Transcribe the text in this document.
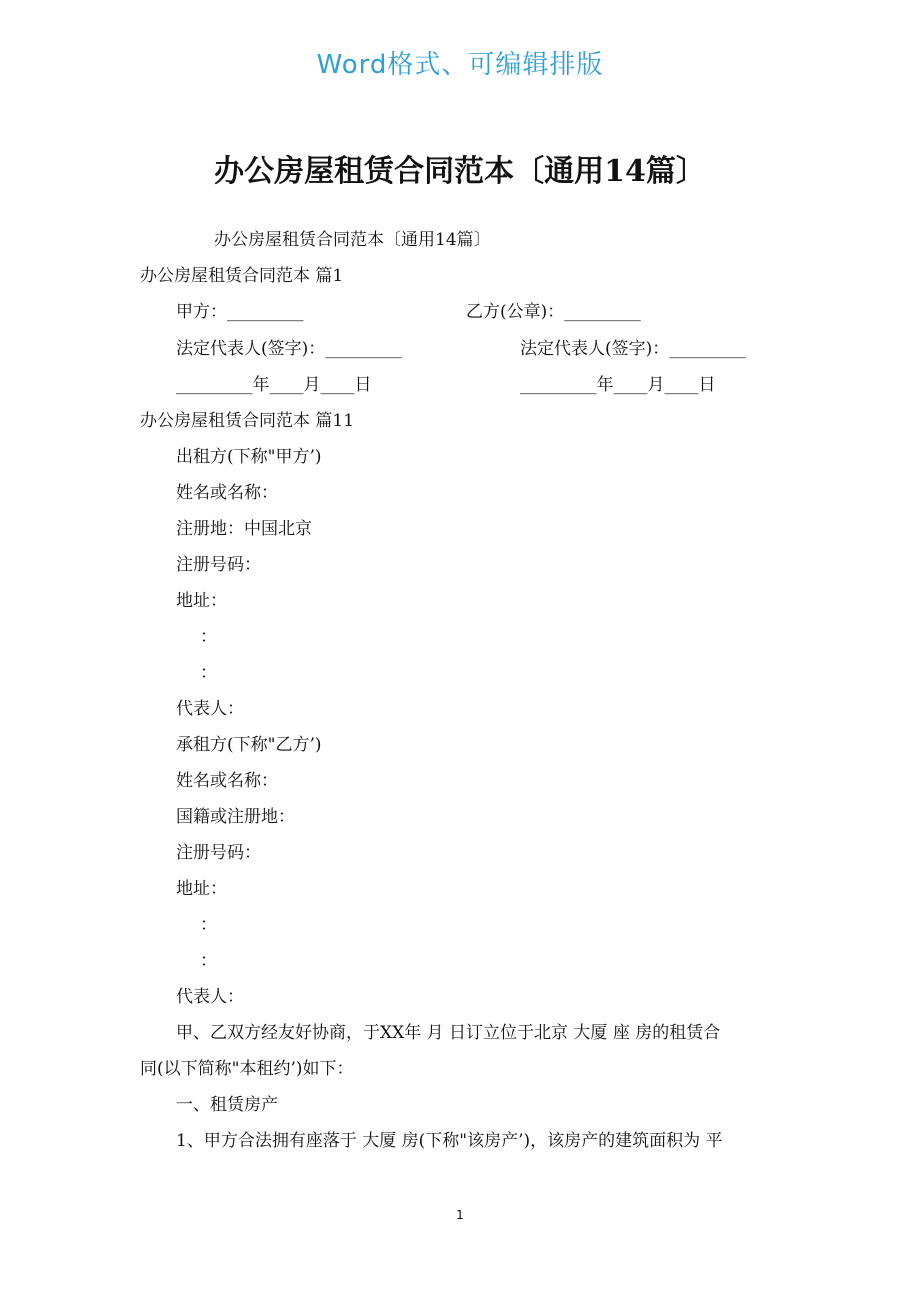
Word格式、可编辑排版
办公房屋租赁合同范本〔通用14篇〕
办公房屋租赁合同范本〔通用14篇〕
办公房屋租赁合同范本 篇1
甲方：_________	乙方(公章)：_________
法定代表人(签字)：_________	法定代表人(签字)：_________
_________年____月____日	_________年____月____日
办公房屋租赁合同范本 篇11
出租方(下称"甲方’)
姓名或名称：
注册地：中国北京
注册号码：
地址：
：
：
代表人：
承租方(下称"乙方’)
姓名或名称：
国籍或注册地：
注册号码：
地址：
：
：
代表人：
甲、乙双方经友好协商，于XX年 月 日订立位于北京 大厦 座 房的租赁合
同(以下简称"本租约’)如下：
一、租赁房产
1、甲方合法拥有座落于 大厦 房(下称"该房产’)，该房产的建筑面积为 平
1
